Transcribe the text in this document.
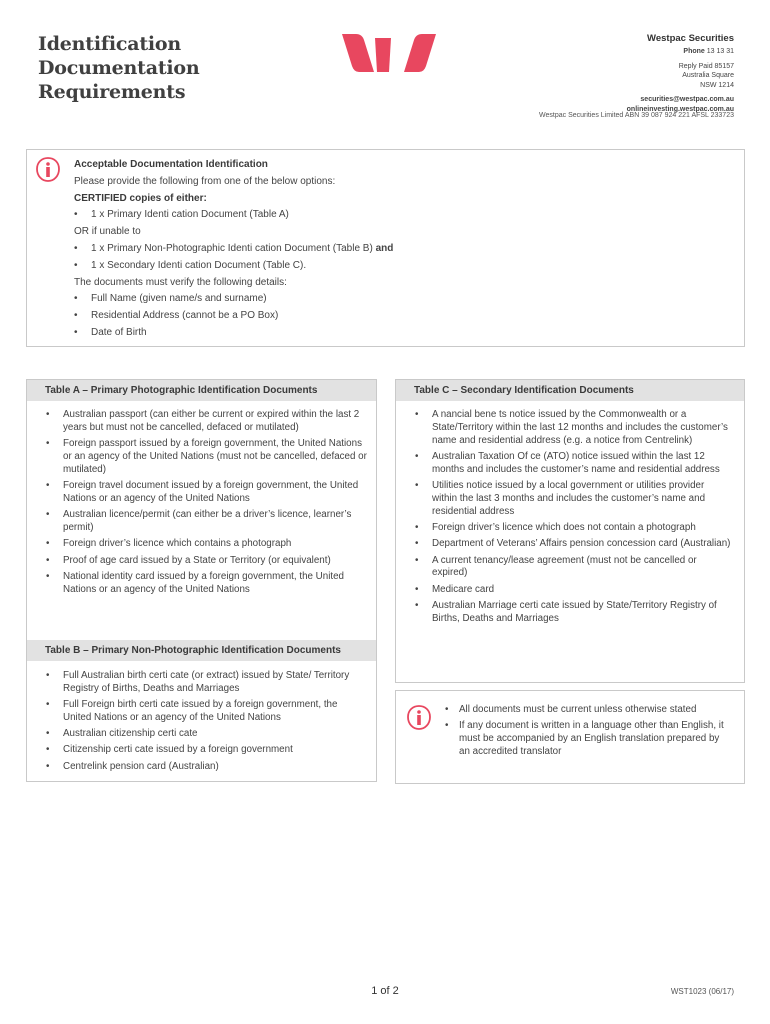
Identification Documentation
Requirements
Westpac Securities
Phone 13 13 31
Reply Paid 85157
Australia Square
NSW 1214
securities@westpac.com.au
onlineinvesting.westpac.com.au
Westpac Securities Limited ABN 39 087 924 221 AFSL 233723
Acceptable Documentation Identification
Please provide the following from one of the below options:
CERTIFIED copies of either:
• 1 x Primary Identi cation Document (Table A)
OR if unable to
• 1 x Primary Non-Photographic Identi cation Document (Table B) and
• 1 x Secondary Identi cation Document (Table C).
The documents must verify the following details:
• Full Name (given name/s and surname)
• Residential Address (cannot be a PO Box)
• Date of Birth
Table A – Primary Photographic Identification Documents
• Australian passport (can either be current or expired within the last 2 years but must not be cancelled, defaced or mutilated)
• Foreign passport issued by a foreign government, the United Nations or an agency of the United Nations (must not be cancelled, defaced or mutilated)
• Foreign travel document issued by a foreign government, the United Nations or an agency of the United Nations
• Australian licence/permit (can either be a driver’s licence, learner’s permit)
• Foreign driver’s licence which contains a photograph
• Proof of age card issued by a State or Territory (or equivalent)
• National identity card issued by a foreign government, the United Nations or an agency of the United Nations
Table B – Primary Non-Photographic Identification Documents
• Full Australian birth certi cate (or extract) issued by State/ Territory Registry of Births, Deaths and Marriages
• Full Foreign birth certi cate issued by a foreign government, the United Nations or an agency of the United Nations
• Australian citizenship certi cate
• Citizenship certi cate issued by a foreign government
• Centrelink pension card (Australian)
Table C – Secondary Identification Documents
• A nancial bene ts notice issued by the Commonwealth or a State/Territory within the last 12 months and includes the customer’s name and residential address (e.g. a notice from Centrelink)
• Australian Taxation Of ce (ATO) notice issued within the last 12 months and includes the customer’s name and residential address
• Utilities notice issued by a local government or utilities provider within the last 3 months and includes the customer’s name and residential address
• Foreign driver’s licence which does not contain a photograph
• Department of Veterans’ Affairs pension concession card (Australian)
• A current tenancy/lease agreement (must not be cancelled or expired)
• Medicare card
• Australian Marriage certi cate issued by State/Territory Registry of Births, Deaths and Marriages
• All documents must be current unless otherwise stated
• If any document is written in a language other than English, it must be accompanied by an English translation prepared by an accredited translator
1 of 2	WST1023 (06/17)
